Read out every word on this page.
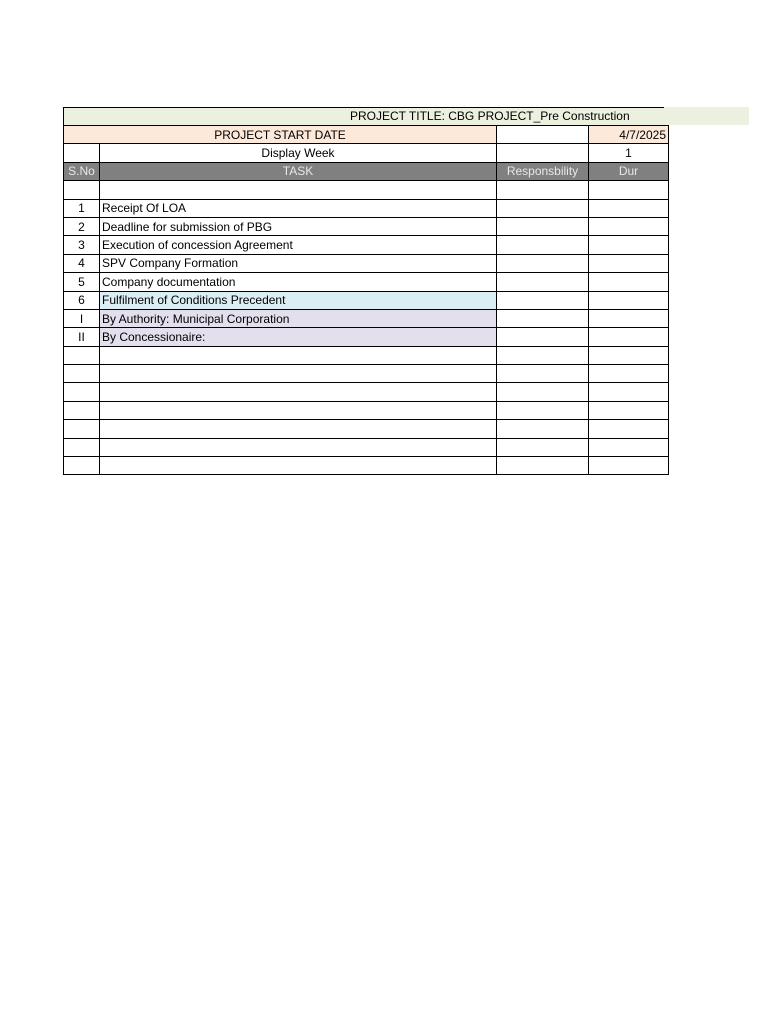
PROJECT TITLE: CBG PROJECT_Pre Construction
PROJECT START DATE			4/7/2025
	Display Week		1
S.No	TASK	Responsbility	Dur

1	Receipt Of LOA		
2	Deadline for submission of PBG		
3	Execution of concession Agreement		
4	SPV Company Formation		
5	Company documentation		
6	Fulfilment of Conditions Precedent		
I	By Authority: Municipal Corporation		
II	By Concessionaire:		
